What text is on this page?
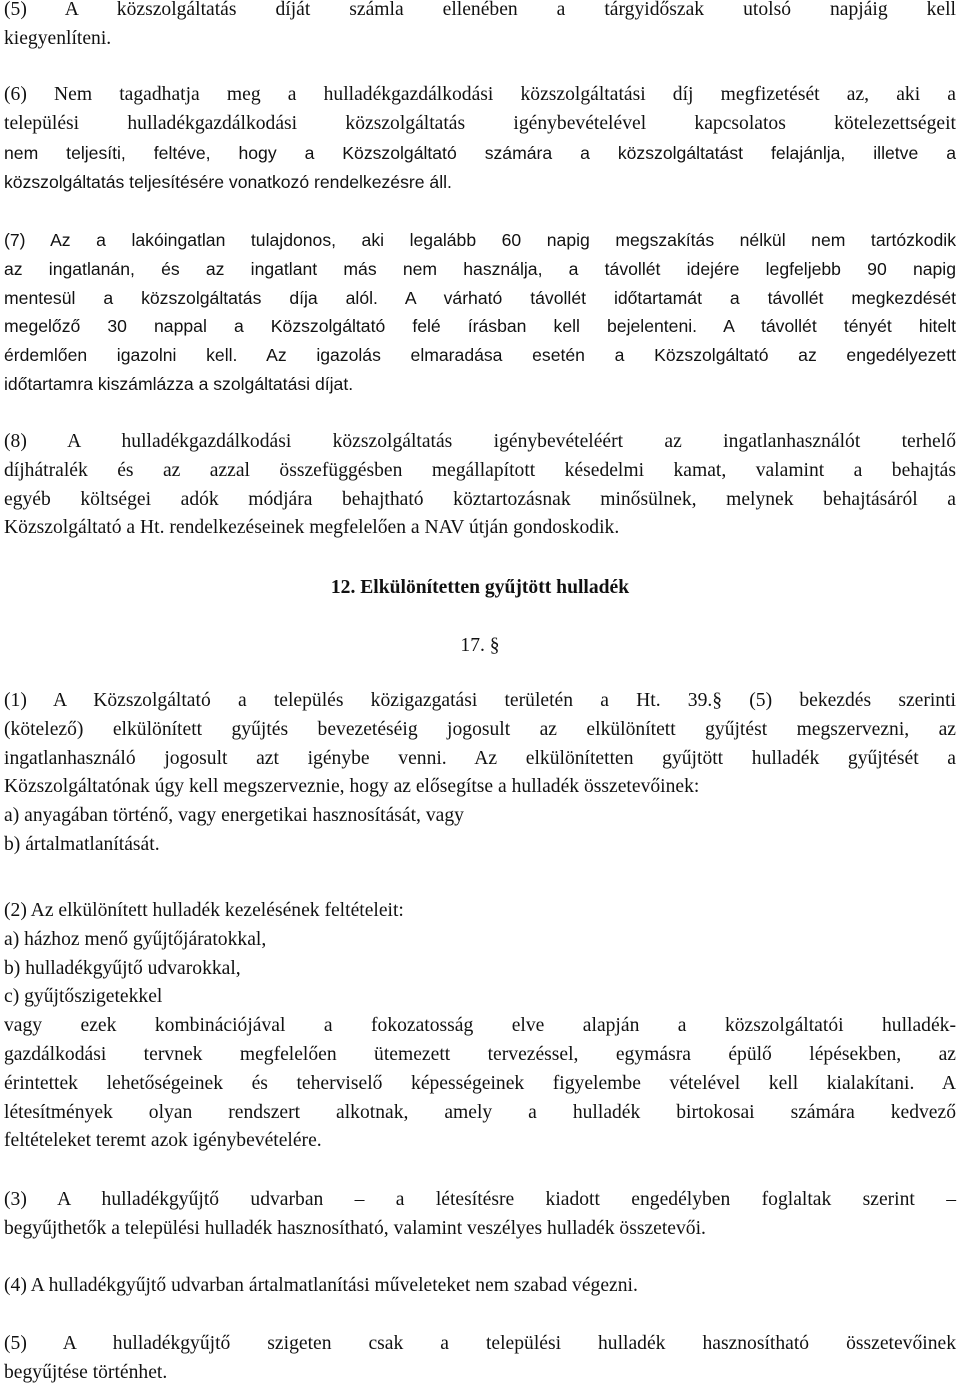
(5) A közszolgáltatás díját számla ellenében a tárgyidőszak utolsó napjáig kell
kiegyenlíteni.
(6) Nem tagadhatja meg a hulladékgazdálkodási közszolgáltatási díj megfizetését az, aki a
települési hulladékgazdálkodási közszolgáltatás igénybevételével kapcsolatos kötelezettségeit
nem teljesíti, feltéve, hogy a Közszolgáltató számára a közszolgáltatást felajánlja, illetve a
közszolgáltatás teljesítésére vonatkozó rendelkezésre áll.
(7) Az a lakóingatlan tulajdonos, aki legalább 60 napig megszakítás nélkül nem tartózkodik
az ingatlanán, és az ingatlant más nem használja, a távollét idejére legfeljebb 90 napig
mentesül a közszolgáltatás díja alól. A várható távollét időtartamát a távollét megkezdését
megelőző 30 nappal a Közszolgáltató felé írásban kell bejelenteni. A távollét tényét hitelt
érdemlően igazolni kell. Az igazolás elmaradása esetén a Közszolgáltató az engedélyezett
időtartamra kiszámlázza a szolgáltatási díjat.
(8) A hulladékgazdálkodási közszolgáltatás igénybevételéért az ingatlanhasználót terhelő
díjhátralék és az azzal összefüggésben megállapított késedelmi kamat, valamint a behajtás
egyéb költségei adók módjára behajtható köztartozásnak minősülnek, melynek behajtásáról a
Közszolgáltató a Ht. rendelkezéseinek megfelelően a NAV útján gondoskodik.
12. Elkülönítetten gyűjtött hulladék
17. §
(1) A Közszolgáltató a település közigazgatási területén a Ht. 39.§ (5) bekezdés szerinti
(kötelező) elkülönített gyűjtés bevezetéséig jogosult az elkülönített gyűjtést megszervezni, az
ingatlanhasználó jogosult azt igénybe venni. Az elkülönítetten gyűjtött hulladék gyűjtését a
Közszolgáltatónak úgy kell megszerveznie, hogy az elősegítse a hulladék összetevőinek:
a) anyagában történő, vagy energetikai hasznosítását, vagy
b) ártalmatlanítását.
(2) Az elkülönített hulladék kezelésének feltételeit:
a) házhoz menő gyűjtőjáratokkal,
b) hulladékgyűjtő udvarokkal,
c) gyűjtőszigetekkel
vagy ezek kombinációjával a fokozatosság elve alapján a közszolgáltatói hulladék-
gazdálkodási tervnek megfelelően ütemezett tervezéssel, egymásra épülő lépésekben, az
érintettek lehetőségeinek és teherviselő képességeinek figyelembe vételével kell kialakítani. A
létesítmények olyan rendszert alkotnak, amely a hulladék birtokosai számára kedvező
feltételeket teremt azok igénybevételére.
(3) A hulladékgyűjtő udvarban – a létesítésre kiadott engedélyben foglaltak szerint –
begyűjthetők a települési hulladék hasznosítható, valamint veszélyes hulladék összetevői.
(4) A hulladékgyűjtő udvarban ártalmatlanítási műveleteket nem szabad végezni.
(5) A hulladékgyűjtő szigeten csak a települési hulladék hasznosítható összetevőinek
begyűjtése történhet.
